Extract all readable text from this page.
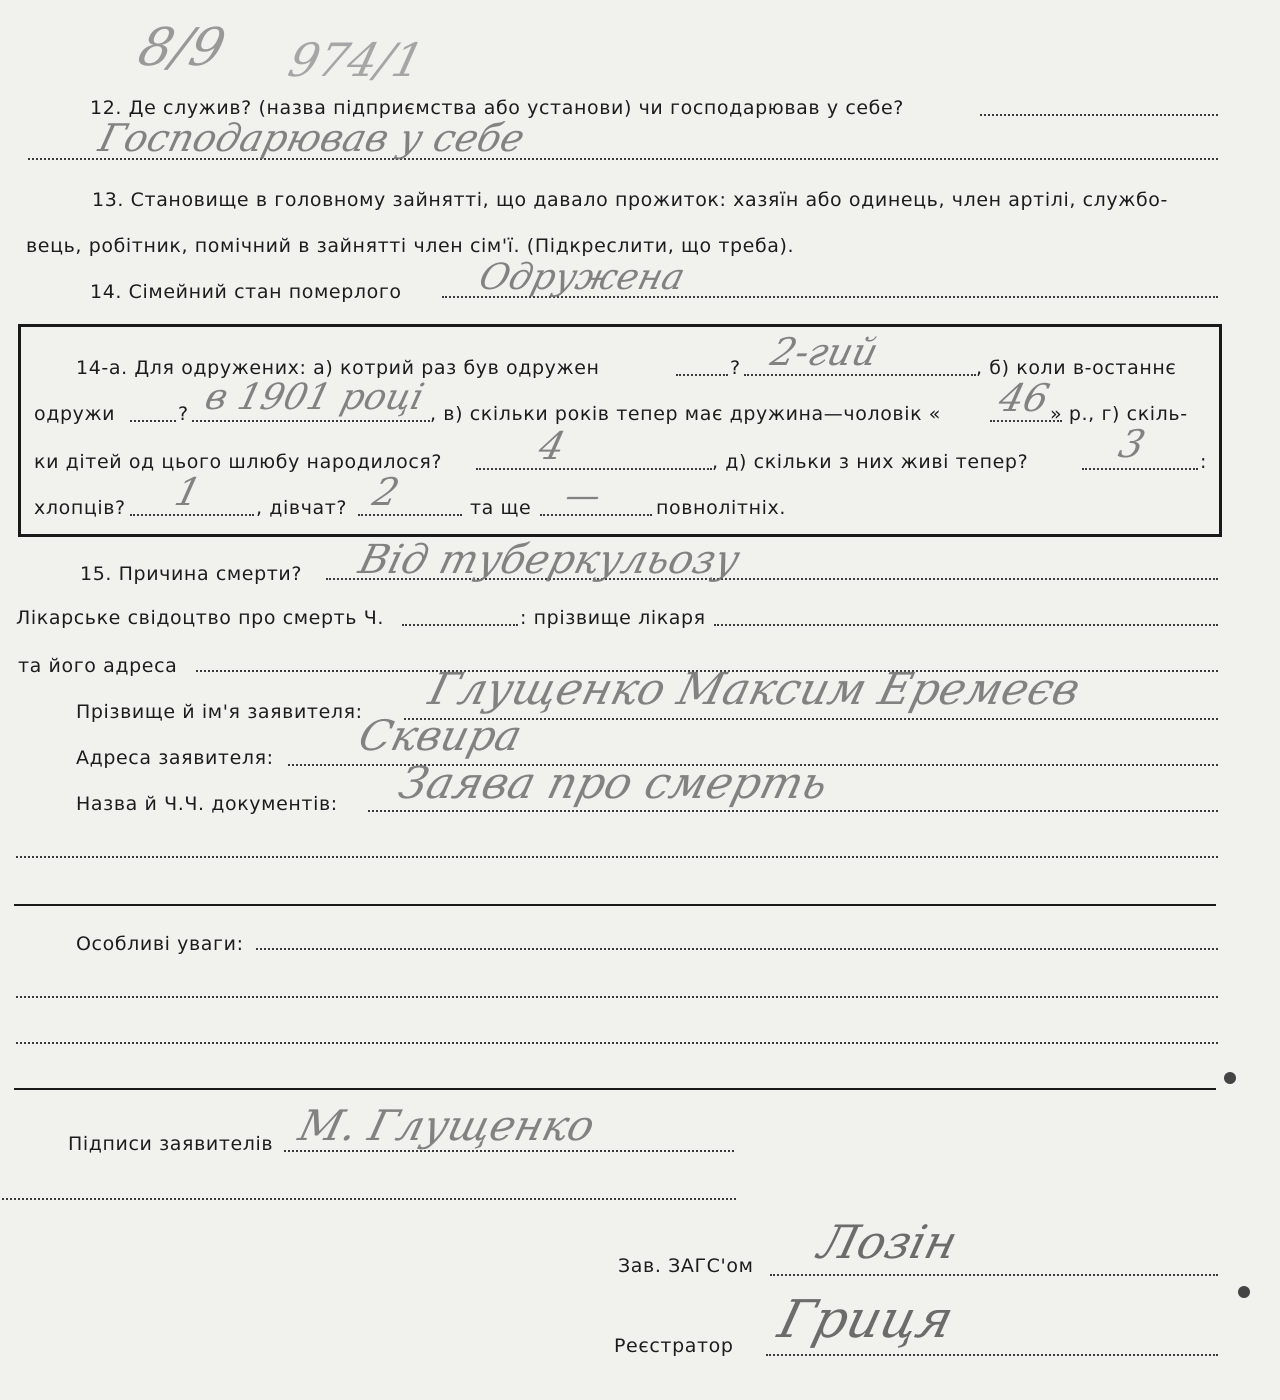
8/9 974/1
12. Де служив? (назва підприємства або установи) чи господарював у себе?
Господарював у себе
13. Становище в головному зайнятті, що давало прожиток: хазяїн або одинець, член артілі, службо-
вець, робітник, помічний в зайнятті член сім'ї. (Підкреслити, що треба).
14. Сімейний стан померлого Одружена
14-а. Для одружених: а) котрий раз був одружен	? 2-гий	, б) коли в-останнє
одружи	? в 1901 році , в) скільки років тепер має дружина—чоловік « 46
» р., г) скіль-
ки дітей од цього шлюбу народилося? 4	, д) скільки з них живі тепер? 3	:
хлопців? 1	, дівчат? 2	та ще —	повнолітніх.
15. Причина смерти? Від туберкульозу
Лікарське свідоцтво про смерть Ч.	: прізвище лікаря
та його адреса
Прізвище й ім'я заявителя: Глущенко Максим Еремеєв
Адреса заявителя: Сквира
Назва й Ч.Ч. документів: Заява про смерть
Особливі уваги:
Підписи заявителів М. Глущенко
Зав. ЗАГС'ом Лозін
Реєстратор Гриця
